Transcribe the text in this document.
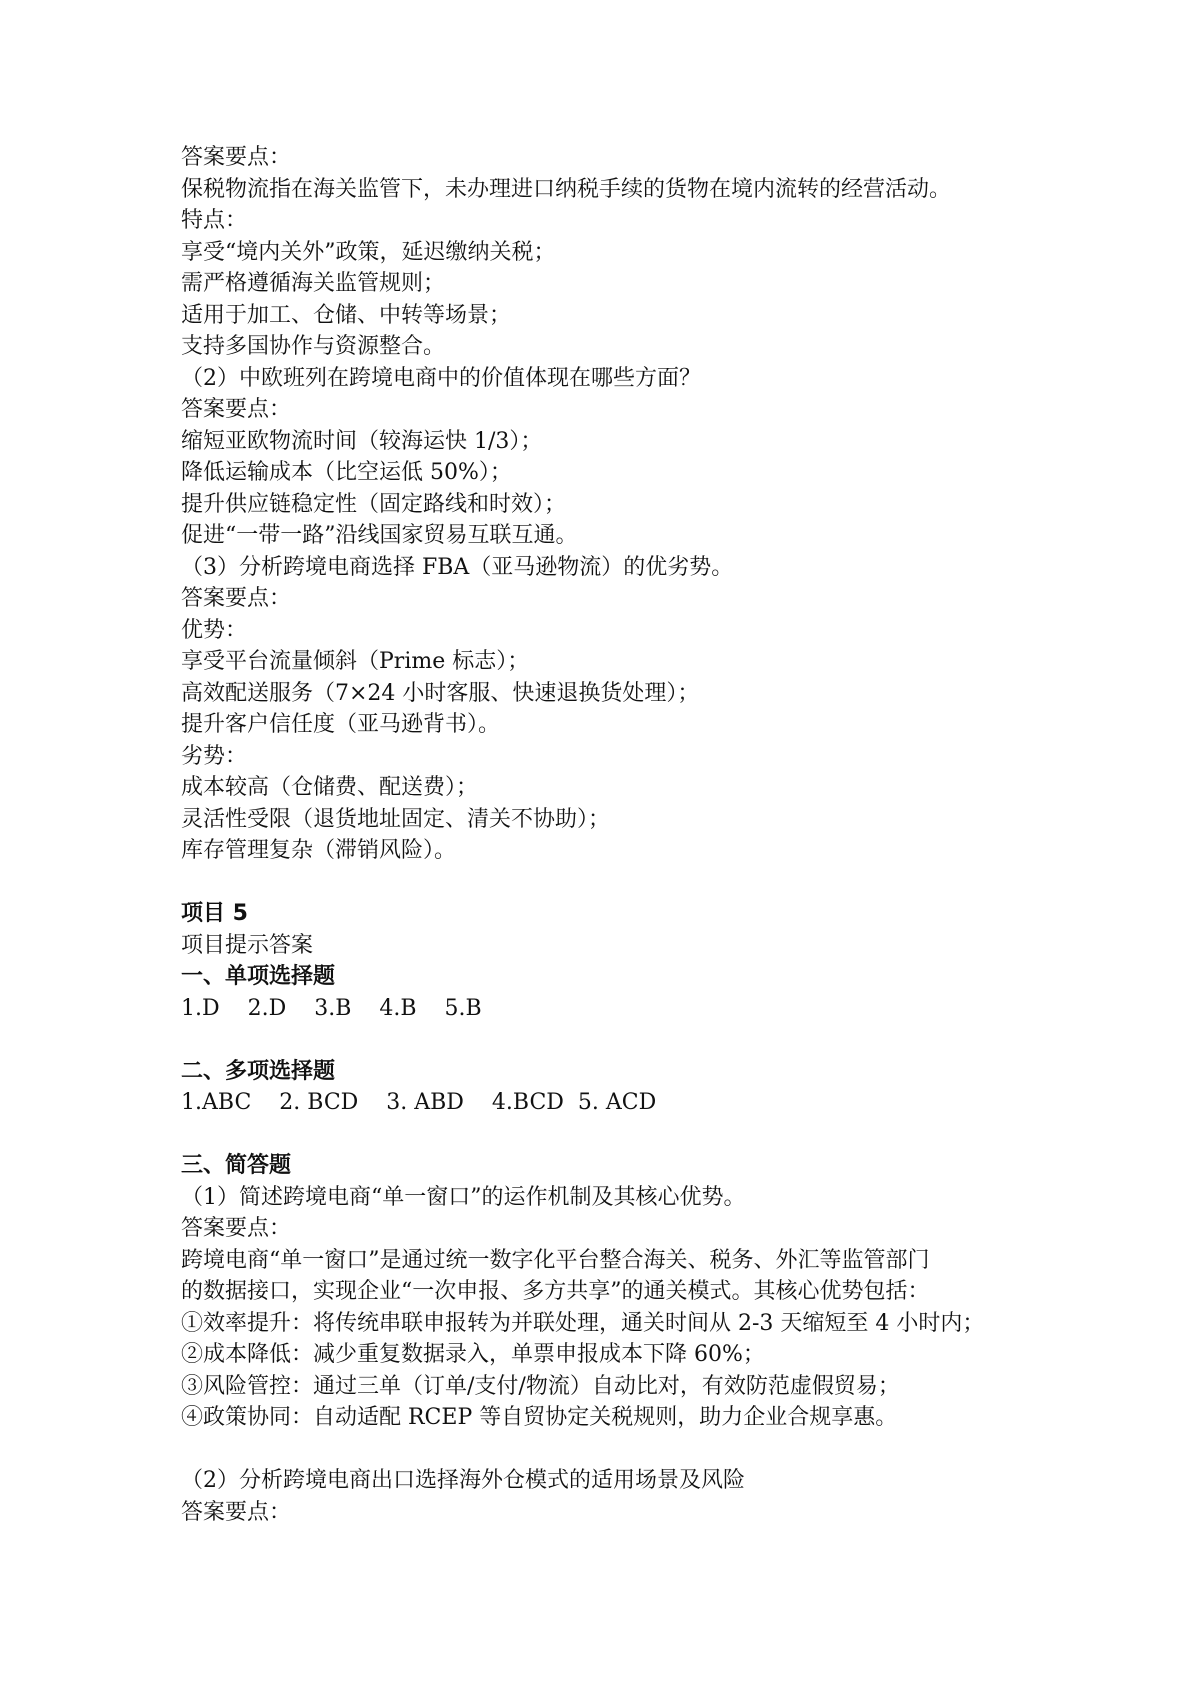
答案要点：

保税物流指在海关监管下，未办理进口纳税手续的货物在境内流转的经营活动。

特点：

享受“境内关外”政策，延迟缴纳关税；

需严格遵循海关监管规则；

适用于加工、仓储、中转等场景；

支持多国协作与资源整合。

（2）中欧班列在跨境电商中的价值体现在哪些方面？

答案要点：

缩短亚欧物流时间（较海运快 1/3）；

降低运输成本（比空运低 50%）；

提升供应链稳定性（固定路线和时效）；

促进“一带一路”沿线国家贸易互联互通。

（3）分析跨境电商选择 FBA（亚马逊物流）的优劣势。

答案要点：

优势：

享受平台流量倾斜（Prime 标志）；

高效配送服务（7×24 小时客服、快速退换货处理）；

提升客户信任度（亚马逊背书）。

劣势：

成本较高（仓储费、配送费）；

灵活性受限（退货地址固定、清关不协助）；

库存管理复杂（滞销风险）。

项目 5

项目提示答案

一、单项选择题

1.D    2.D    3.B    4.B    5.B

二、多项选择题

1.ABC    2. BCD    3. ABD    4.BCD  5. ACD

三、简答题

（1）简述跨境电商“单一窗口”的运作机制及其核心优势。

答案要点：

跨境电商“单一窗口”是通过统一数字化平台整合海关、税务、外汇等监管部门

的数据接口，实现企业“一次申报、多方共享”的通关模式。其核心优势包括：

①效率提升：将传统串联申报转为并联处理，通关时间从 2-3 天缩短至 4 小时内；

②成本降低：减少重复数据录入，单票申报成本下降 60%；

③风险管控：通过三单（订单/支付/物流）自动比对，有效防范虚假贸易；

④政策协同：自动适配 RCEP 等自贸协定关税规则，助力企业合规享惠。

（2）分析跨境电商出口选择海外仓模式的适用场景及风险

答案要点：
